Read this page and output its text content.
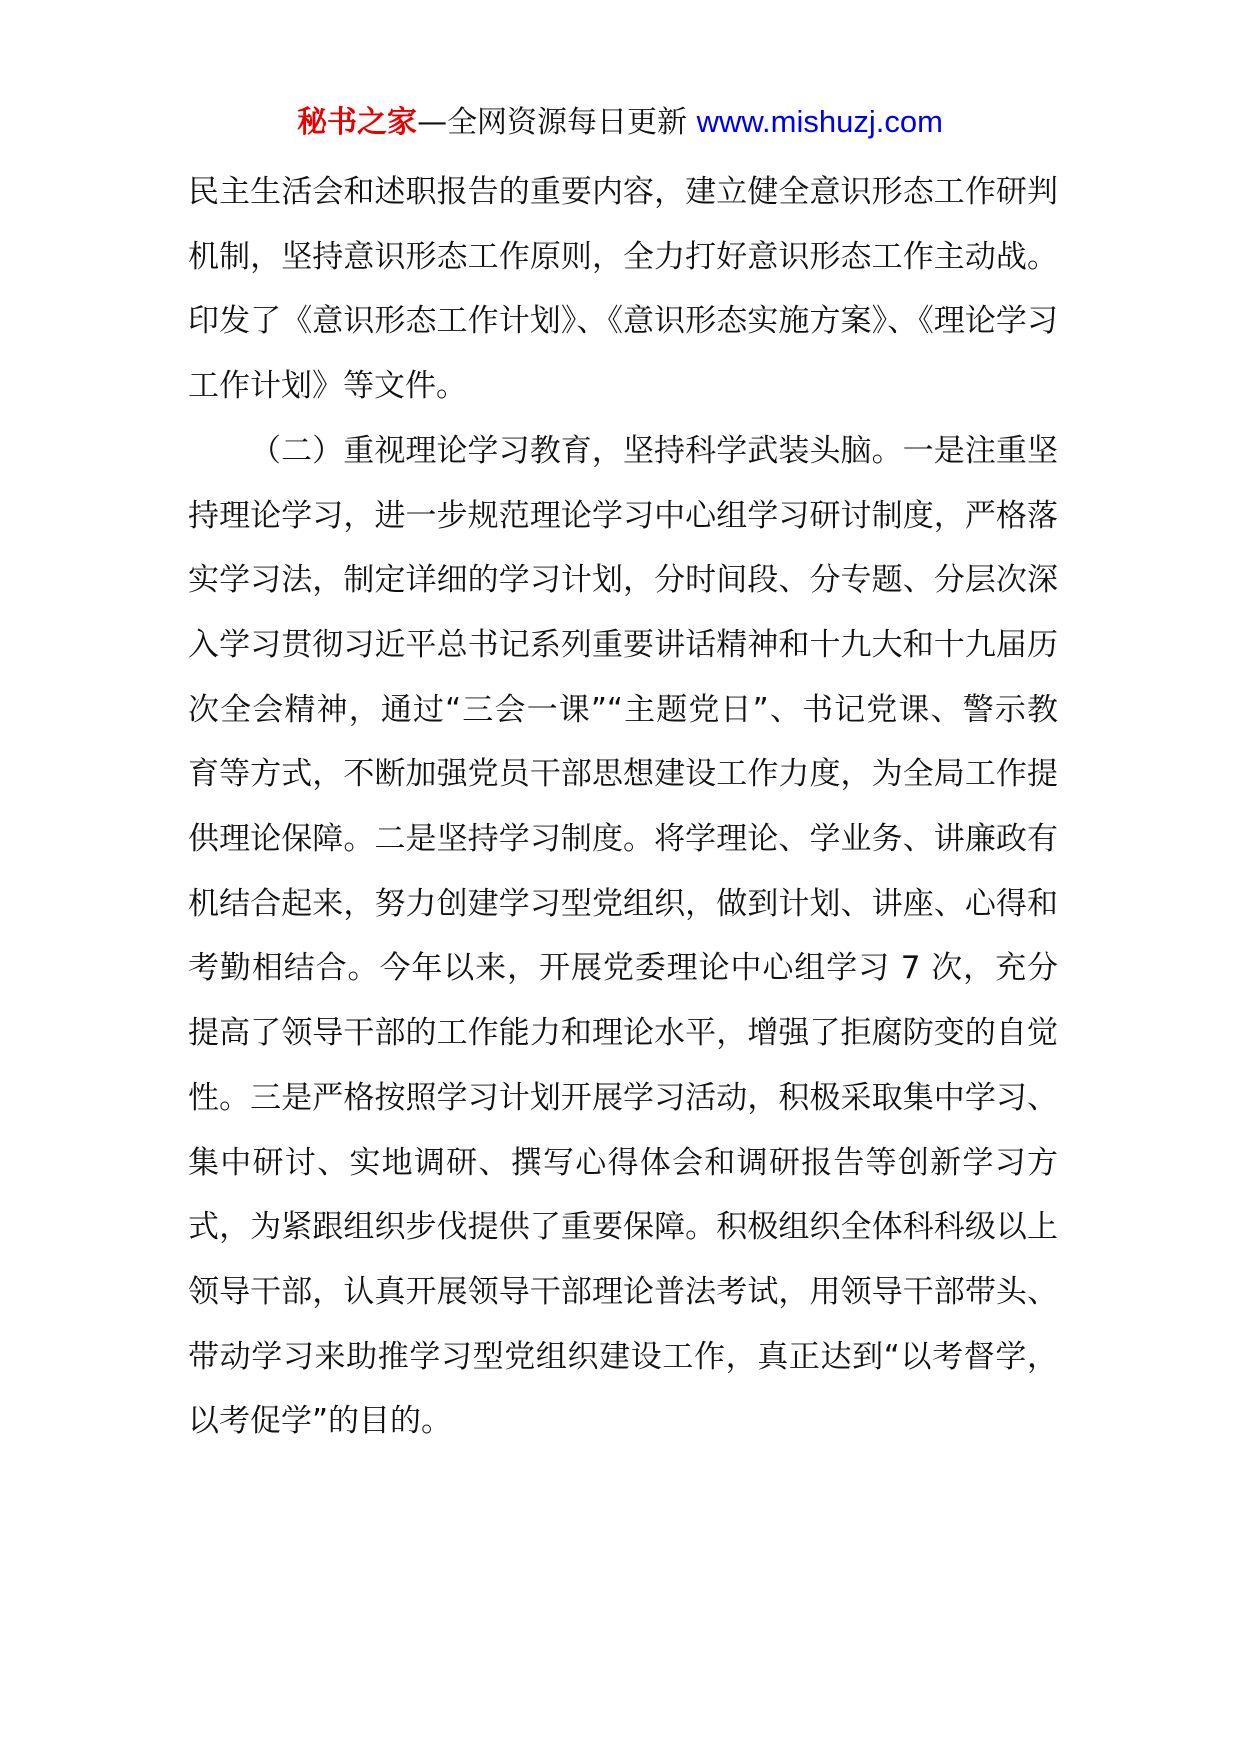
秘书之家—全网资源每日更新 www.mishuzj.com

民主生活会和述职报告的重要内容，建立健全意识形态工作研判机制，坚持意识形态工作原则，全力打好意识形态工作主动战。印发了《意识形态工作计划》、《意识形态实施方案》、《理论学习工作计划》等文件。

（二）重视理论学习教育，坚持科学武装头脑。一是注重坚持理论学习，进一步规范理论学习中心组学习研讨制度，严格落实学习法，制定详细的学习计划，分时间段、分专题、分层次深入学习贯彻习近平总书记系列重要讲话精神和十九大和十九届历次全会精神，通过“三会一课”“主题党日”、书记党课、警示教育等方式，不断加强党员干部思想建设工作力度，为全局工作提供理论保障。二是坚持学习制度。将学理论、学业务、讲廉政有机结合起来，努力创建学习型党组织，做到计划、讲座、心得和考勤相结合。今年以来，开展党委理论中心组学习 7 次，充分提高了领导干部的工作能力和理论水平，增强了拒腐防变的自觉性。三是严格按照学习计划开展学习活动，积极采取集中学习、集中研讨、实地调研、撰写心得体会和调研报告等创新学习方式，为紧跟组织步伐提供了重要保障。积极组织全体科科级以上领导干部，认真开展领导干部理论普法考试，用领导干部带头、带动学习来助推学习型党组织建设工作，真正达到“以考督学，以考促学”的目的。
